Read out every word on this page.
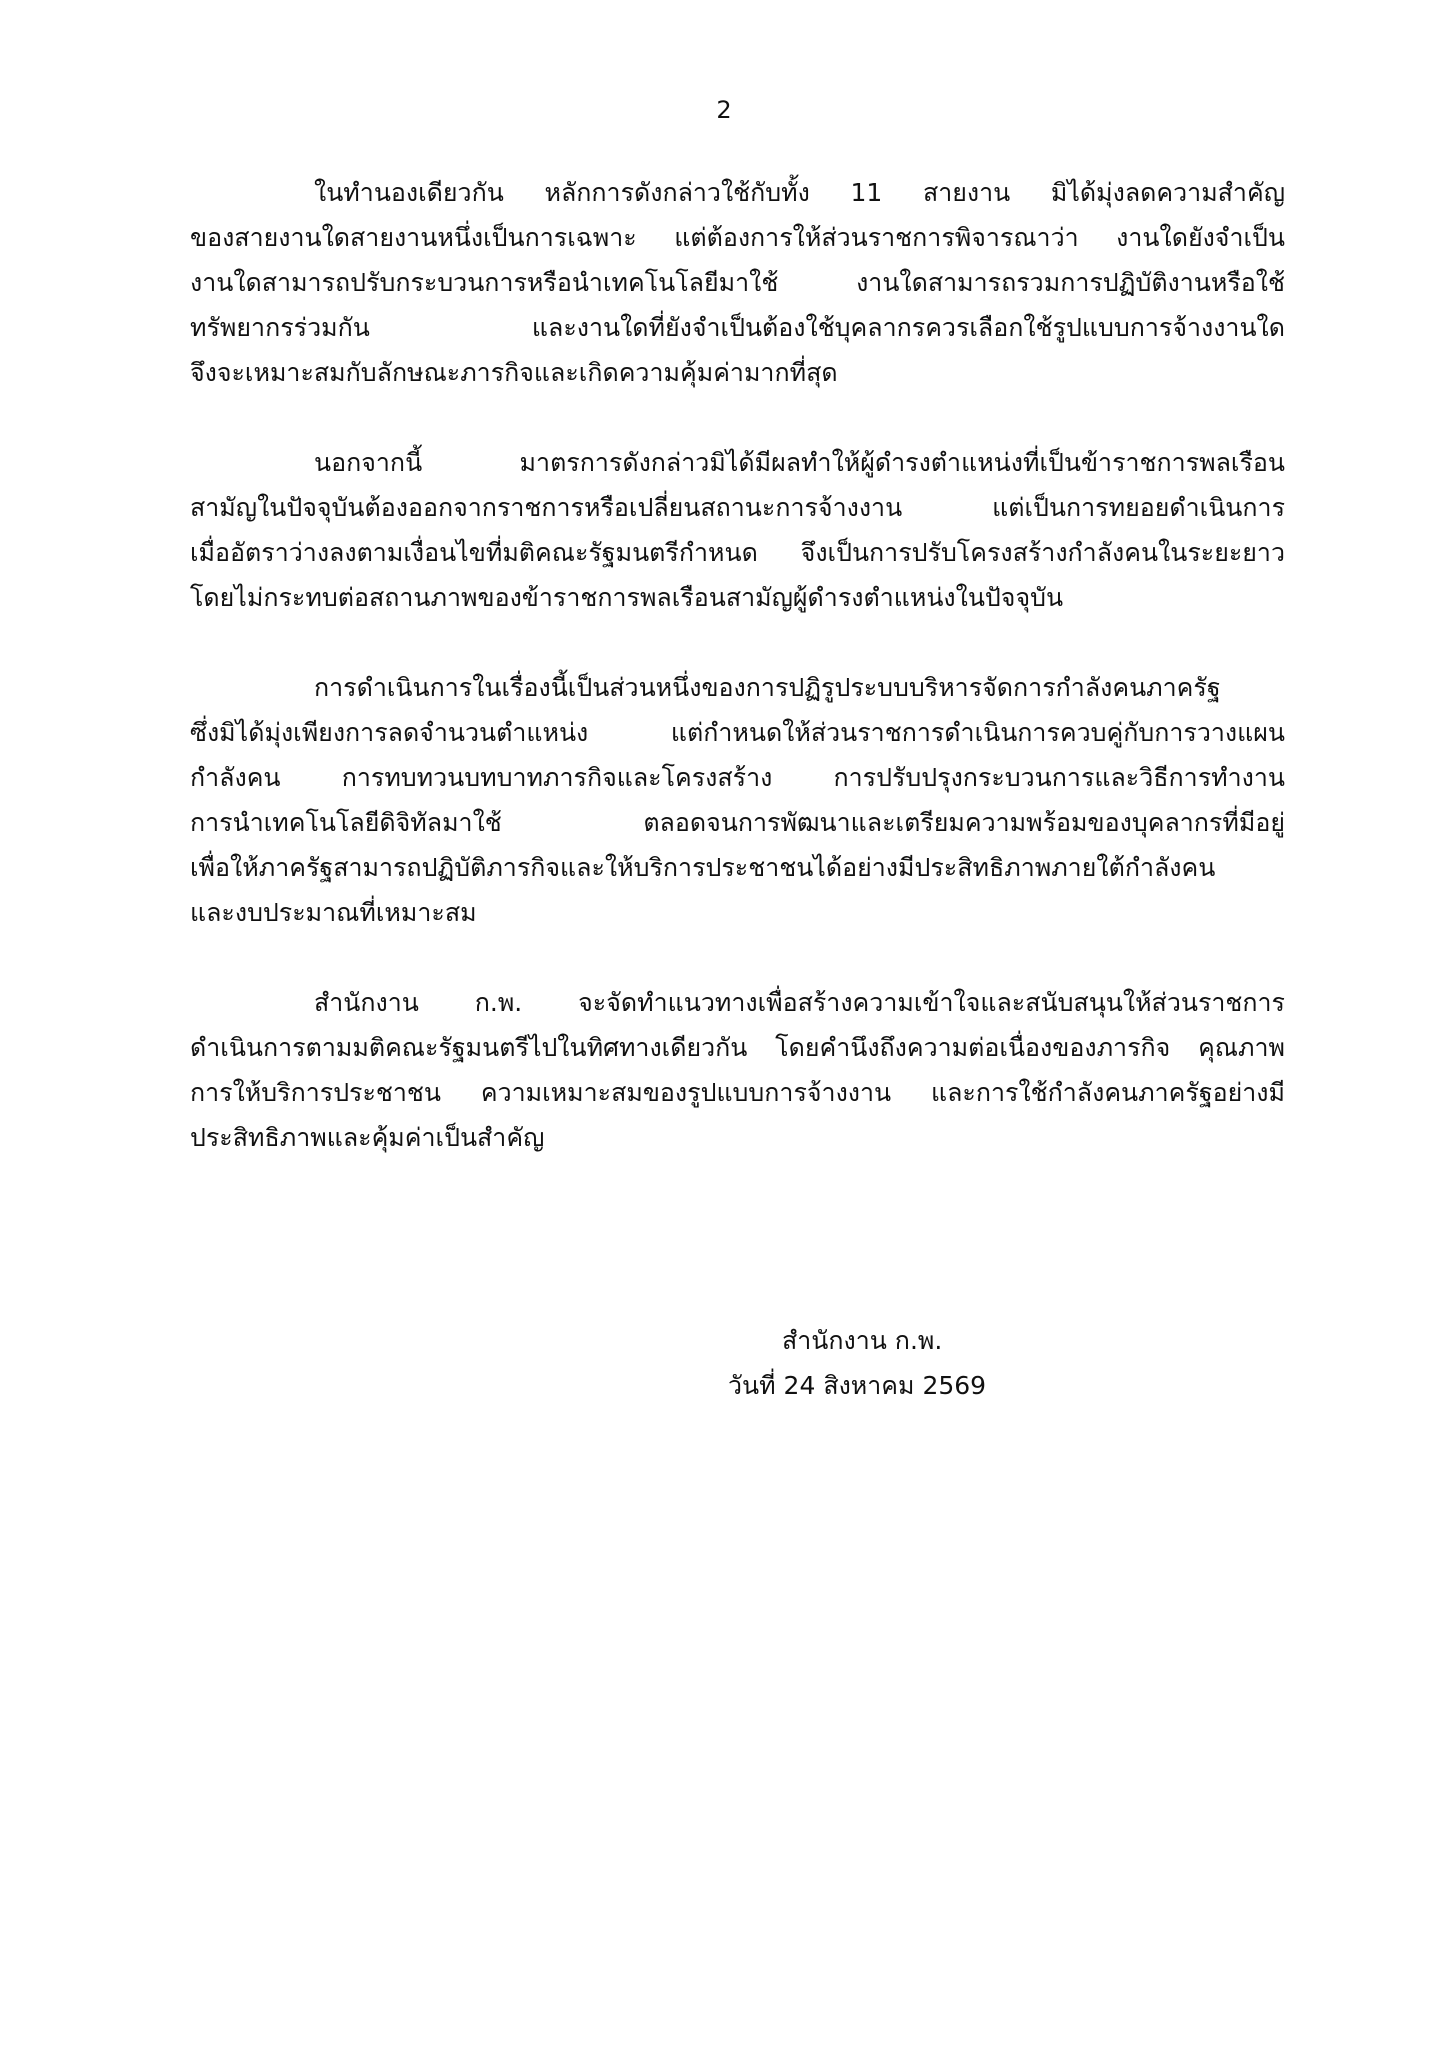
2
ในทำนองเดียวกัน หลักการดังกล่าวใช้กับทั้ง 11 สายงาน มิได้มุ่งลดความสำคัญ
ของสายงานใดสายงานหนึ่งเป็นการเฉพาะ แต่ต้องการให้ส่วนราชการพิจารณาว่า งานใดยังจำเป็น
งานใดสามารถปรับกระบวนการหรือนำเทคโนโลยีมาใช้ งานใดสามารถรวมการปฏิบัติงานหรือใช้
ทรัพยากรร่วมกัน และงานใดที่ยังจำเป็นต้องใช้บุคลากรควรเลือกใช้รูปแบบการจ้างงานใด
จึงจะเหมาะสมกับลักษณะภารกิจและเกิดความคุ้มค่ามากที่สุด
นอกจากนี้ มาตรการดังกล่าวมิได้มีผลทำให้ผู้ดำรงตำแหน่งที่เป็นข้าราชการพลเรือน
สามัญในปัจจุบันต้องออกจากราชการหรือเปลี่ยนสถานะการจ้างงาน แต่เป็นการทยอยดำเนินการ
เมื่ออัตราว่างลงตามเงื่อนไขที่มติคณะรัฐมนตรีกำหนด จึงเป็นการปรับโครงสร้างกำลังคนในระยะยาว
โดยไม่กระทบต่อสถานภาพของข้าราชการพลเรือนสามัญผู้ดำรงตำแหน่งในปัจจุบัน
การดำเนินการในเรื่องนี้เป็นส่วนหนึ่งของการปฏิรูประบบบริหารจัดการกำลังคนภาครัฐ
ซึ่งมิได้มุ่งเพียงการลดจำนวนตำแหน่ง แต่กำหนดให้ส่วนราชการดำเนินการควบคู่กับการวางแผน
กำลังคน การทบทวนบทบาทภารกิจและโครงสร้าง การปรับปรุงกระบวนการและวิธีการทำงาน
การนำเทคโนโลยีดิจิทัลมาใช้ ตลอดจนการพัฒนาและเตรียมความพร้อมของบุคลากรที่มีอยู่
เพื่อให้ภาครัฐสามารถปฏิบัติภารกิจและให้บริการประชาชนได้อย่างมีประสิทธิภาพภายใต้กำลังคน
และงบประมาณที่เหมาะสม
สำนักงาน ก.พ. จะจัดทำแนวทางเพื่อสร้างความเข้าใจและสนับสนุนให้ส่วนราชการ
ดำเนินการตามมติคณะรัฐมนตรีไปในทิศทางเดียวกัน โดยคำนึงถึงความต่อเนื่องของภารกิจ คุณภาพ
การให้บริการประชาชน ความเหมาะสมของรูปแบบการจ้างงาน และการใช้กำลังคนภาครัฐอย่างมี
ประสิทธิภาพและคุ้มค่าเป็นสำคัญ
สำนักงาน ก.พ.
วันที่ 24 สิงหาคม 2569
